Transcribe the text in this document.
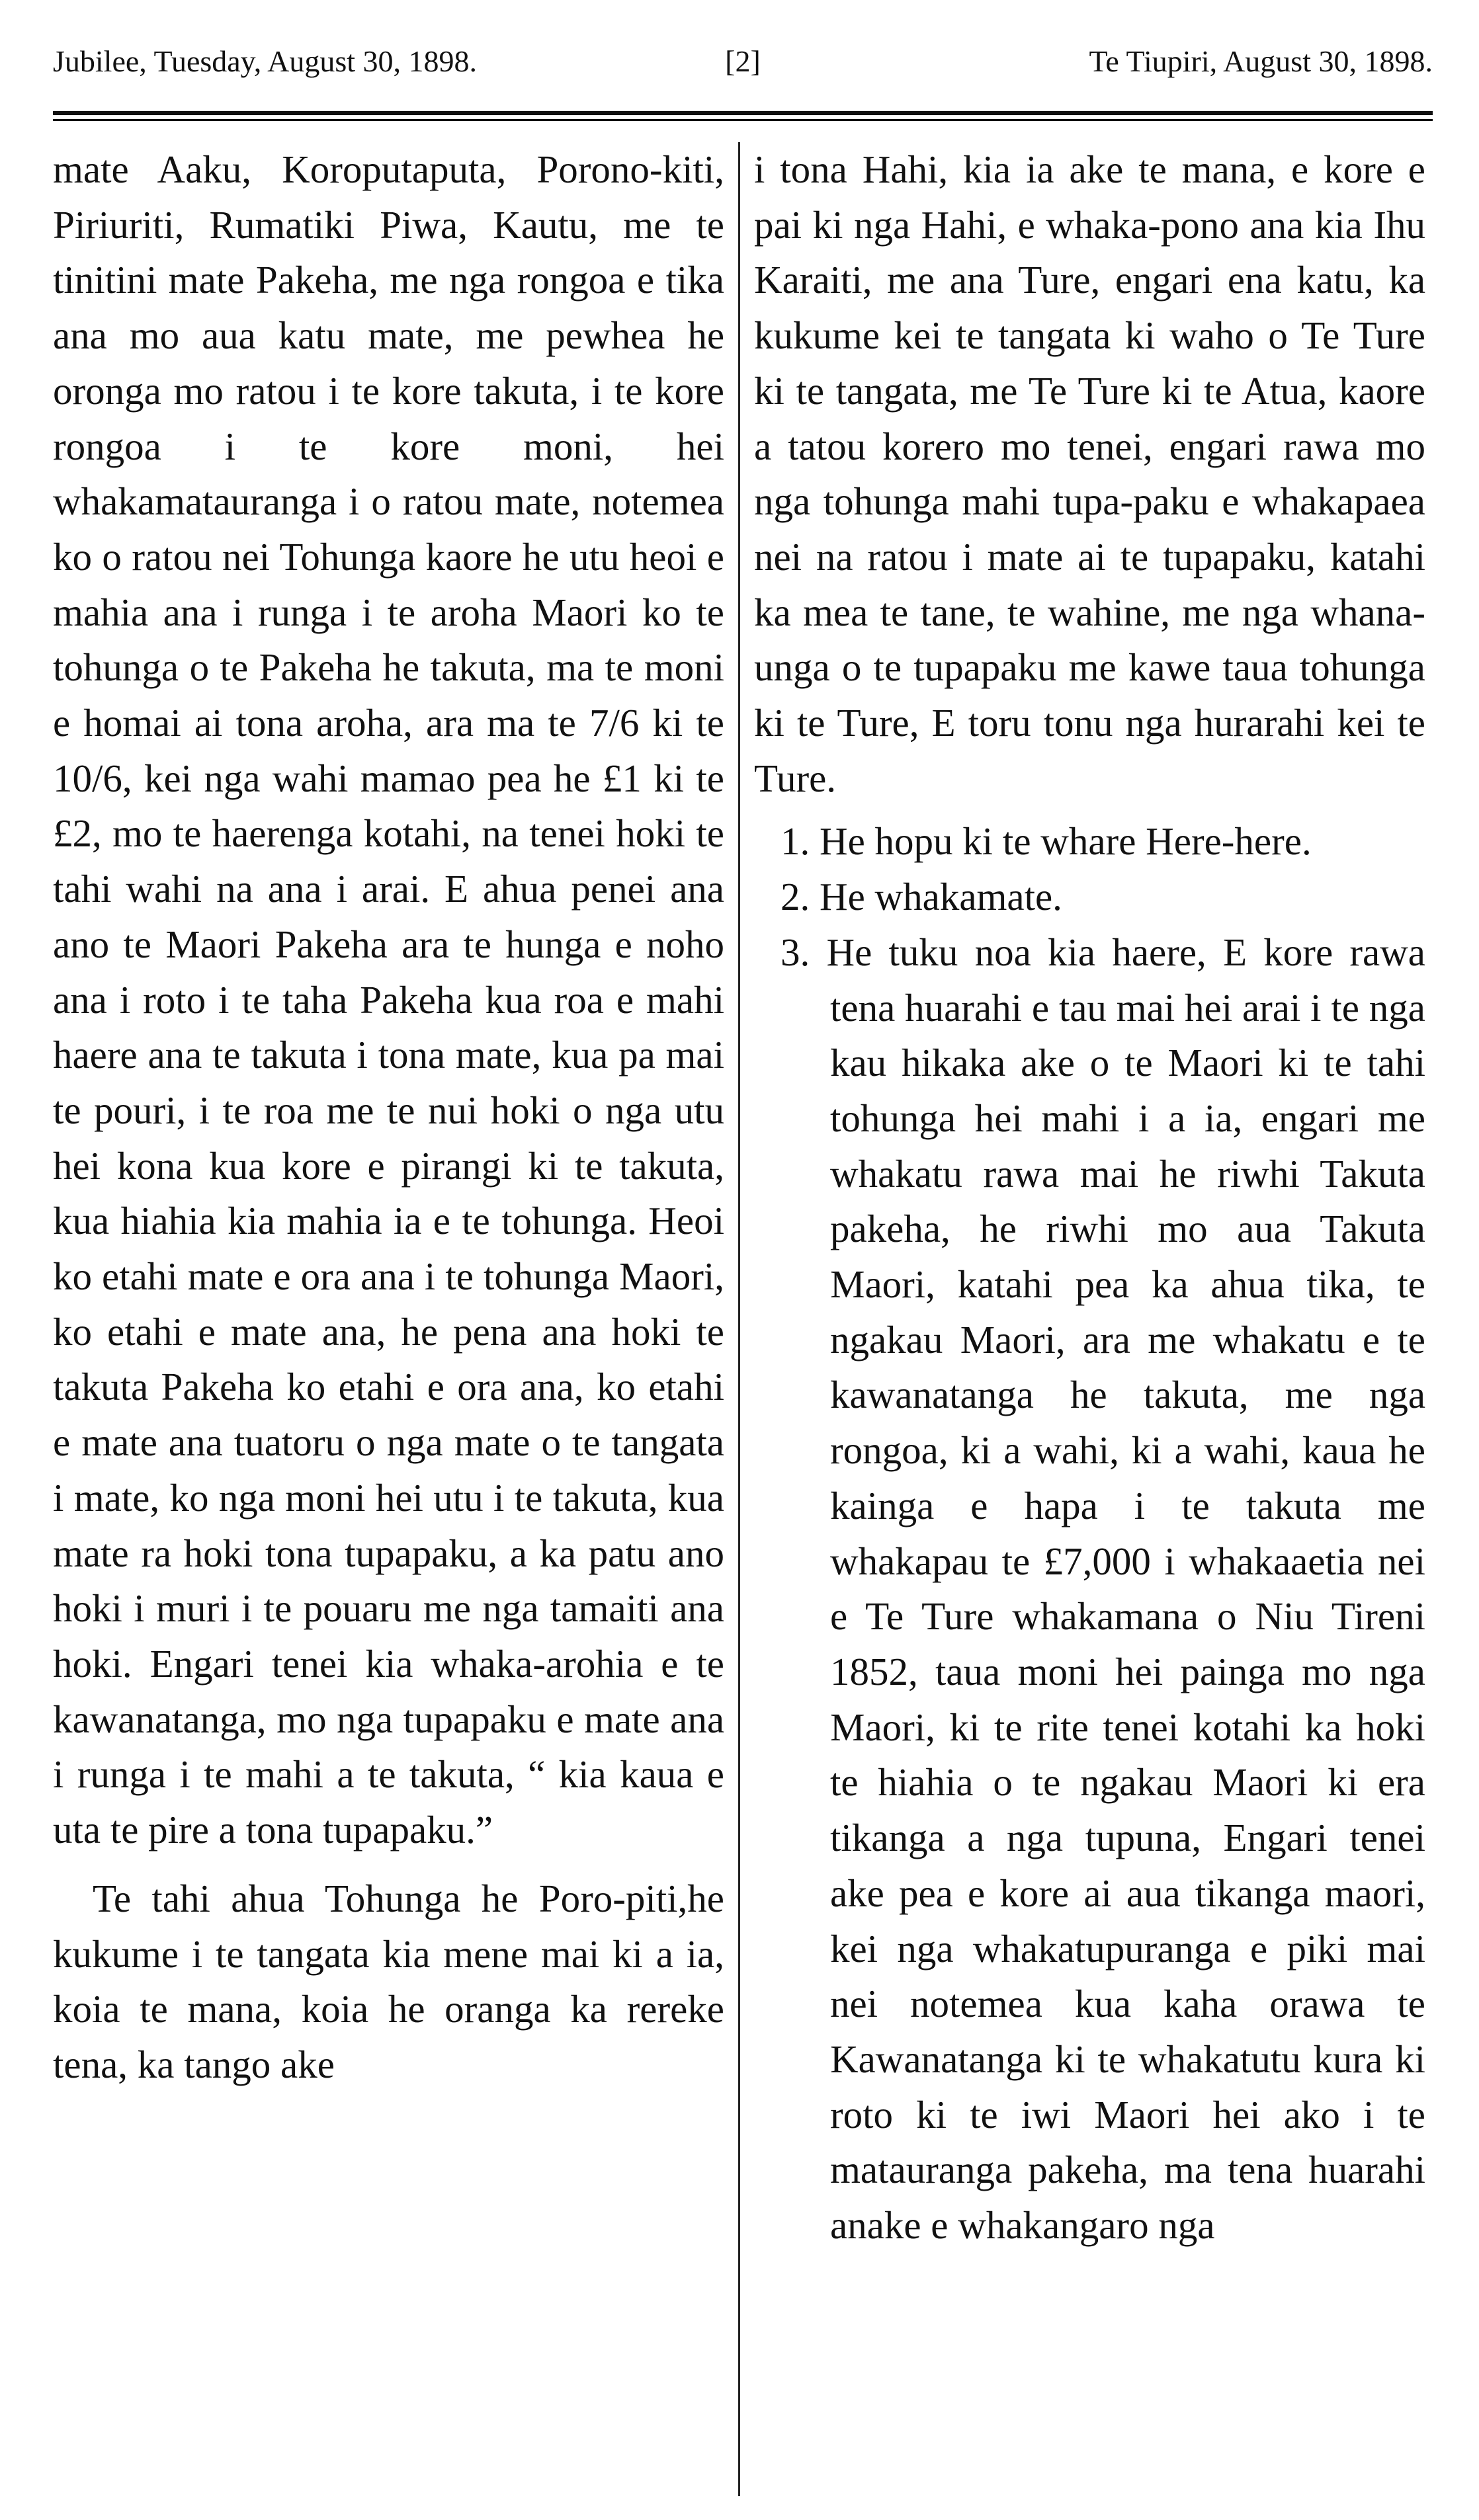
Jubilee, Tuesday, August 30, 1898.	[2]	Te Tiupiri, August 30, 1898.

mate Aaku, Koroputaputa, Porono-kiti, Piriuriti, Rumatiki Piwa, Kautu, me te tinitini mate Pakeha, me nga rongoa e tika ana mo aua katu mate, me pewhea he oronga mo ratou i te kore takuta, i te kore rongoa i te kore moni, hei whakamatauranga i o ratou mate, notemea ko o ratou nei Tohunga kaore he utu heoi e mahia ana i runga i te aroha Maori ko te tohunga o te Pakeha he takuta, ma te moni e homai ai tona aroha, ara ma te 7/6 ki te 10/6, kei nga wahi mamao pea he £1 ki te £2, mo te haerenga kotahi, na tenei hoki te tahi wahi na ana i arai. E ahua penei ana ano te Maori Pakeha ara te hunga e noho ana i roto i te taha Pakeha kua roa e mahi haere ana te takuta i tona mate, kua pa mai te pouri, i te roa me te nui hoki o nga utu hei kona kua kore e pirangi ki te takuta, kua hiahia kia mahia ia e te tohunga. Heoi ko etahi mate e ora ana i te tohunga Maori, ko etahi e mate ana, he pena ana hoki te takuta Pakeha ko etahi e ora ana, ko etahi e mate ana tuatoru o nga mate o te tangata i mate, ko nga moni hei utu i te takuta, kua mate ra hoki tona tupapaku, a ka patu ano hoki i muri i te pouaru me nga tamaiti ana hoki. Engari tenei kia whaka-arohia e te kawanatanga, mo nga tupapaku e mate ana i runga i te mahi a te takuta, “ kia kaua e uta te pire a tona tupapaku.”

Te tahi ahua Tohunga he Poro-piti,he kukume i te tangata kia mene mai ki a ia, koia te mana, koia he oranga ka rereke tena, ka tango ake

i tona Hahi, kia ia ake te mana, e kore e pai ki nga Hahi, e whaka-pono ana kia Ihu Karaiti, me ana Ture, engari ena katu, ka kukume kei te tangata ki waho o Te Ture ki te tangata, me Te Ture ki te Atua, kaore a tatou korero mo tenei, engari rawa mo nga tohunga mahi tupa-paku e whakapaea nei na ratou i mate ai te tupapaku, katahi ka mea te tane, te wahine, me nga whana-unga o te tupapaku me kawe taua tohunga ki te Ture, E toru tonu nga hurarahi kei te Ture.

1. He hopu ki te whare Here-here.
2. He whakamate.
3. He tuku noa kia haere, E kore rawa tena huarahi e tau mai hei arai i te nga kau hikaka ake o te Maori ki te tahi tohunga hei mahi i a ia, engari me whakatu rawa mai he riwhi Takuta pakeha, he riwhi mo aua Takuta Maori, katahi pea ka ahua tika, te ngakau Maori, ara me whakatu e te kawanatanga he takuta, me nga rongoa, ki a wahi, ki a wahi, kaua he kainga e hapa i te takuta me whakapau te £7,000 i whakaaetia nei e Te Ture whakamana o Niu Tireni 1852, taua moni hei painga mo nga Maori, ki te rite tenei kotahi ka hoki te hiahia o te ngakau Maori ki era tikanga a nga tupuna, Engari tenei ake pea e kore ai aua tikanga maori, kei nga whakatupuranga e piki mai nei notemea kua kaha orawa te Kawanatanga ki te whakatutu kura ki roto ki te iwi Maori hei ako i te matauranga pakeha, ma tena huarahi anake e whakangaro nga
